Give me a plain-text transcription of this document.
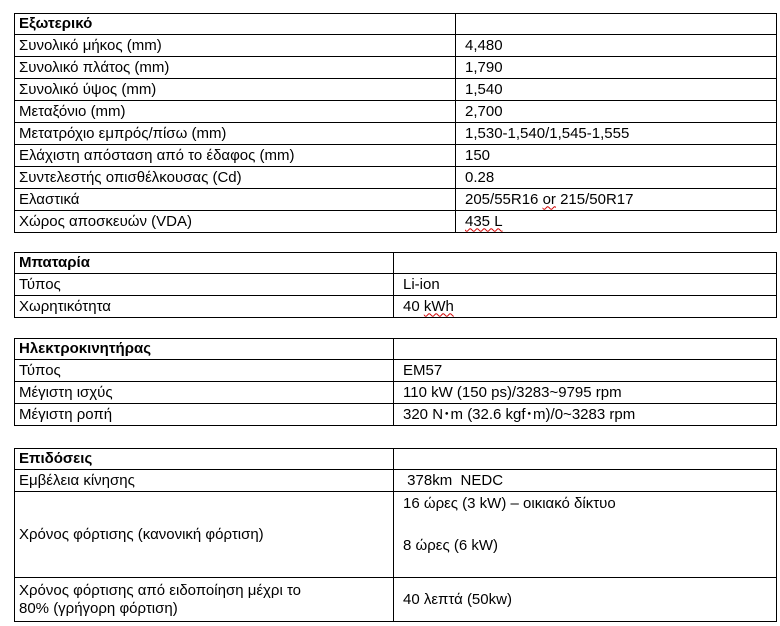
Εξωτερικό	
Συνολικό μήκος (mm)	4,480
Συνολικό πλάτος (mm)	1,790
Συνολικό ύψος (mm)	1,540
Μεταξόνιο (mm)	2,700
Μετατρόχιο εμπρός/πίσω (mm)	1,530-1,540/1,545-1,555
Ελάχιστη απόσταση από το έδαφος (mm)	150
Συντελεστής οπισθέλκουσας (Cd)	0.28
Ελαστικά	205/55R16 or 215/50R17
Χώρος αποσκευών (VDA)	435 L
Μπαταρία	
Τύπος	Li-ion
Χωρητικότητα	40 kWh
Ηλεκτροκινητήρας	
Τύπος	EM57
Μέγιστη ισχύς	110 kW (150 ps)/3283~9795 rpm
Μέγιστη ροπή	320 N･m (32.6 kgf･m)/0~3283 rpm
Επιδόσεις	
Εμβέλεια κίνησης	378km  NEDC
Χρόνος φόρτισης (κανονική φόρτιση)	16 ώρες (3 kW) – οικιακό δίκτυο
8 ώρες (6 kW)

Χρόνος φόρτισης από ειδοποίηση μέχρι το
80% (γρήγορη φόρτιση)	40 λεπτά (50kw)
